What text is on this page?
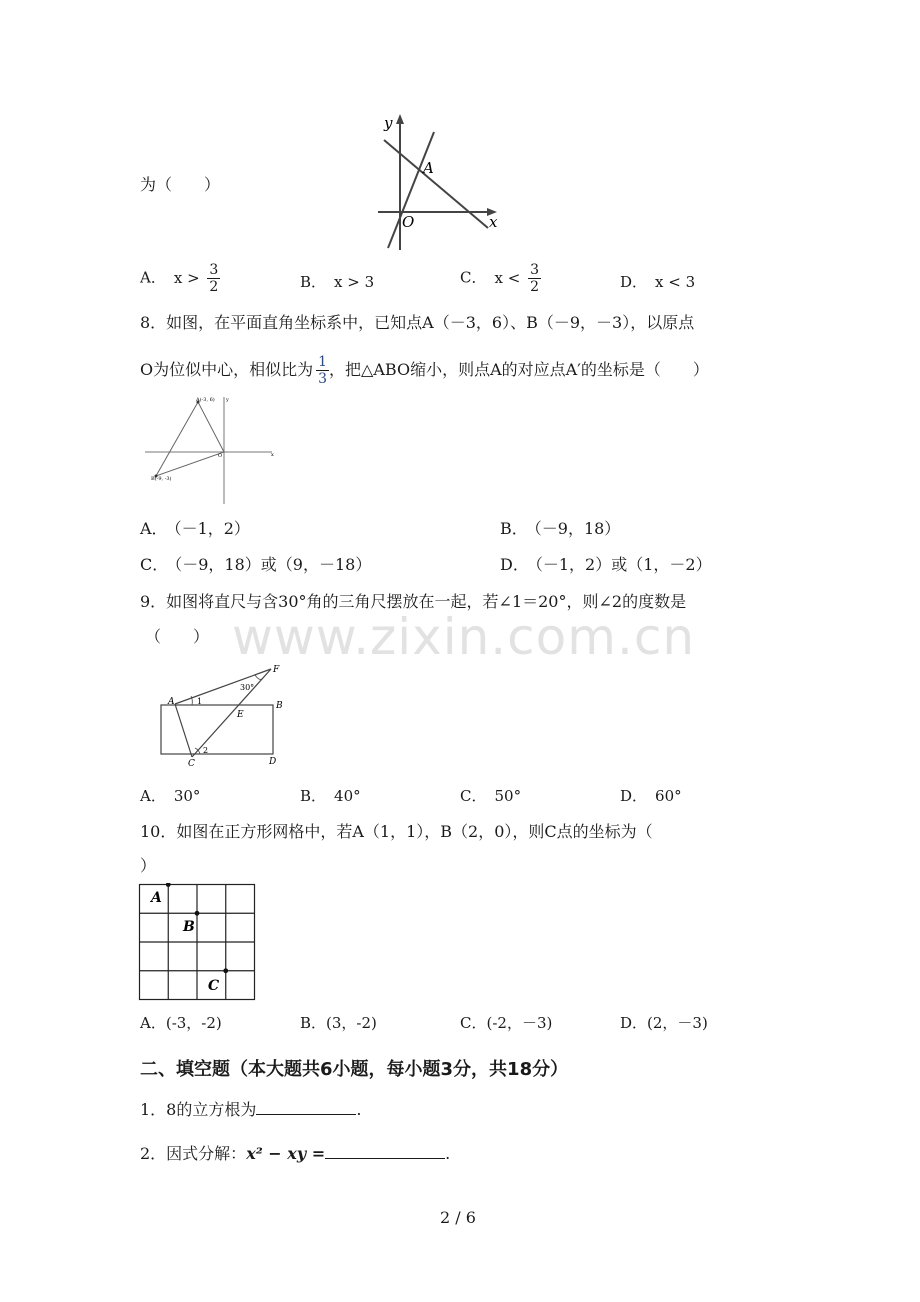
www.zixin.com.cn
为（　　）
y
x
O
A
A． $x > \frac{3}{2}$	B． x > 3	C． $x < \frac{3}{2}$	D． x < 3
8．如图，在平面直角坐标系中，已知点A（－3，6）、B（－9，－3），以原点
O为位似中心，相似比为 $\frac{1}{3}$ ，把△ABO缩小，则点A的对应点A′的坐标是（　　）
A(-3, 6)
B(-9, -3)
O	x
y
A． （－1，2）	B． （－9，18）
C． （－9，18）或（9，－18）	D． （－1，2）或（1，－2）
9．如图将直尺与含30°角的三角尺摆放在一起，若∠1＝20°，则∠2的度数是
（　　）
F
30°
A	1	B
E
2
C	D
A． 30°	B． 40°	C． 50°	D． 60°
10．如图在正方形网格中，若A（1，1），B（2，0），则C点的坐标为（
）
A
B
C
A．(-3，-2)	B．(3，-2)	C．(-2，－3)	D．(2，－3)
二、填空题（本大题共6小题，每小题3分，共18分）
1．8的立方根为	.
2．因式分解：x² − xy =	.
2 / 6
